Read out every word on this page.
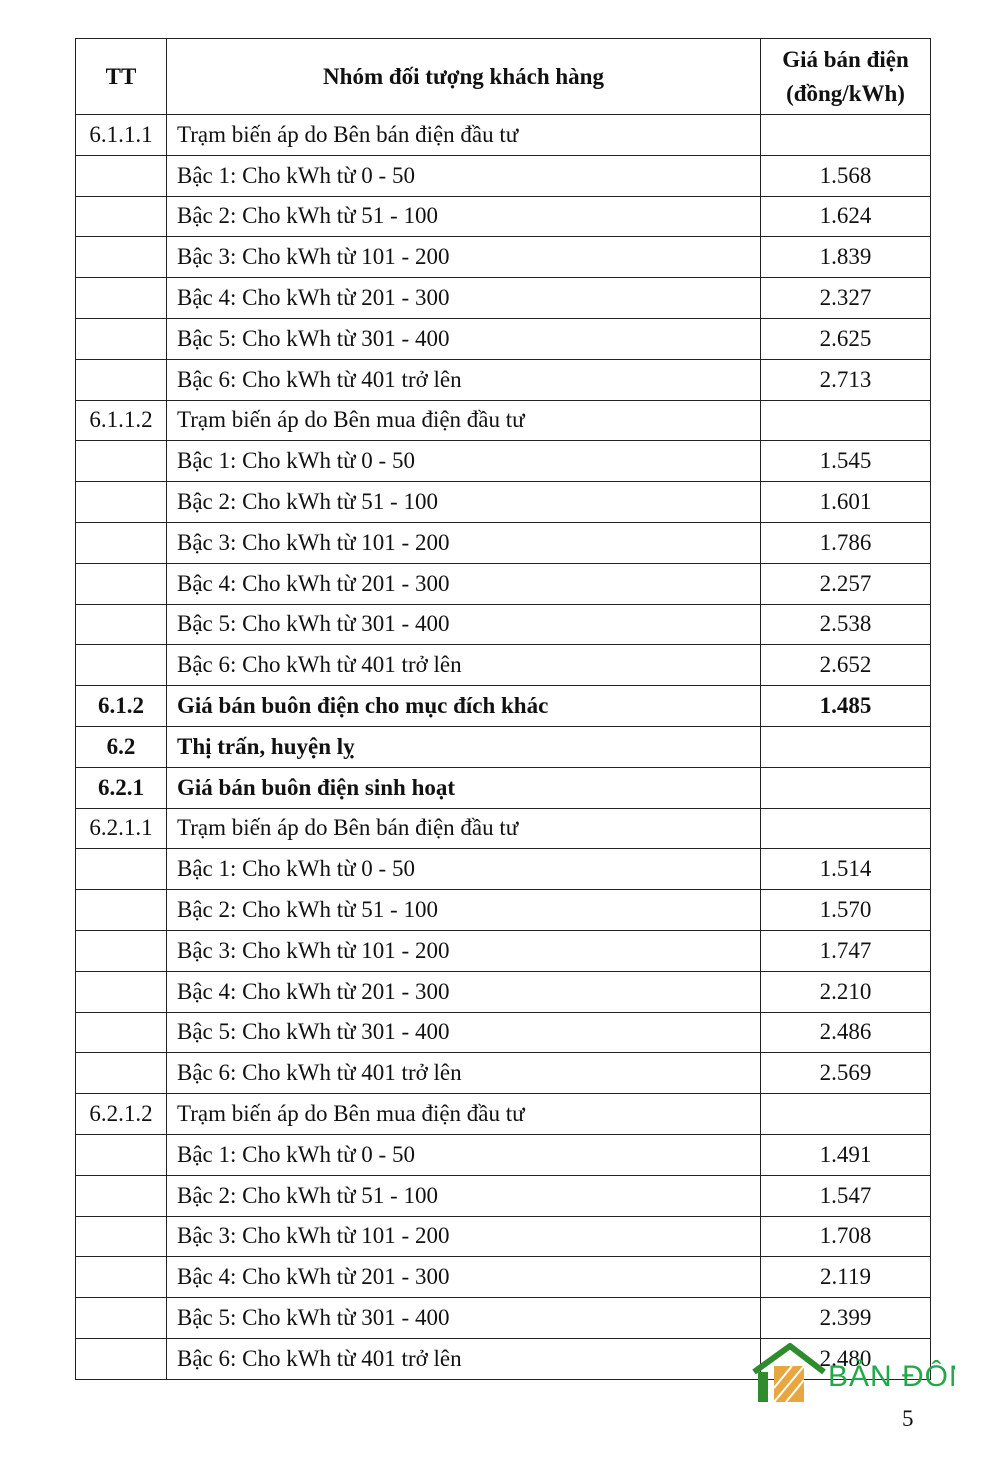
TT	Nhóm đối tượng khách hàng	Giá bán điện
(đồng/kWh)

6.1.1.1	Trạm biến áp do Bên bán điện đầu tư	
	Bậc 1: Cho kWh từ 0 - 50	1.568
	Bậc 2: Cho kWh từ 51 - 100	1.624
	Bậc 3: Cho kWh từ 101 - 200	1.839
	Bậc 4: Cho kWh từ 201 - 300	2.327
	Bậc 5: Cho kWh từ 301 - 400	2.625
	Bậc 6: Cho kWh từ 401 trở lên	2.713
6.1.1.2	Trạm biến áp do Bên mua điện đầu tư	
	Bậc 1: Cho kWh từ 0 - 50	1.545
	Bậc 2: Cho kWh từ 51 - 100	1.601
	Bậc 3: Cho kWh từ 101 - 200	1.786
	Bậc 4: Cho kWh từ 201 - 300	2.257
	Bậc 5: Cho kWh từ 301 - 400	2.538
	Bậc 6: Cho kWh từ 401 trở lên	2.652
6.1.2	Giá bán buôn điện cho mục đích khác	1.485
6.2	Thị trấn, huyện lỵ	
6.2.1	Giá bán buôn điện sinh hoạt	
6.2.1.1	Trạm biến áp do Bên bán điện đầu tư	
	Bậc 1: Cho kWh từ 0 - 50	1.514
	Bậc 2: Cho kWh từ 51 - 100	1.570
	Bậc 3: Cho kWh từ 101 - 200	1.747
	Bậc 4: Cho kWh từ 201 - 300	2.210
	Bậc 5: Cho kWh từ 301 - 400	2.486
	Bậc 6: Cho kWh từ 401 trở lên	2.569
6.2.1.2	Trạm biến áp do Bên mua điện đầu tư	
	Bậc 1: Cho kWh từ 0 - 50	1.491
	Bậc 2: Cho kWh từ 51 - 100	1.547
	Bậc 3: Cho kWh từ 101 - 200	1.708
	Bậc 4: Cho kWh từ 201 - 300	2.119
	Bậc 5: Cho kWh từ 301 - 400	2.399
	Bậc 6: Cho kWh từ 401 trở lên	2.480
BẢN ĐÔ
5
